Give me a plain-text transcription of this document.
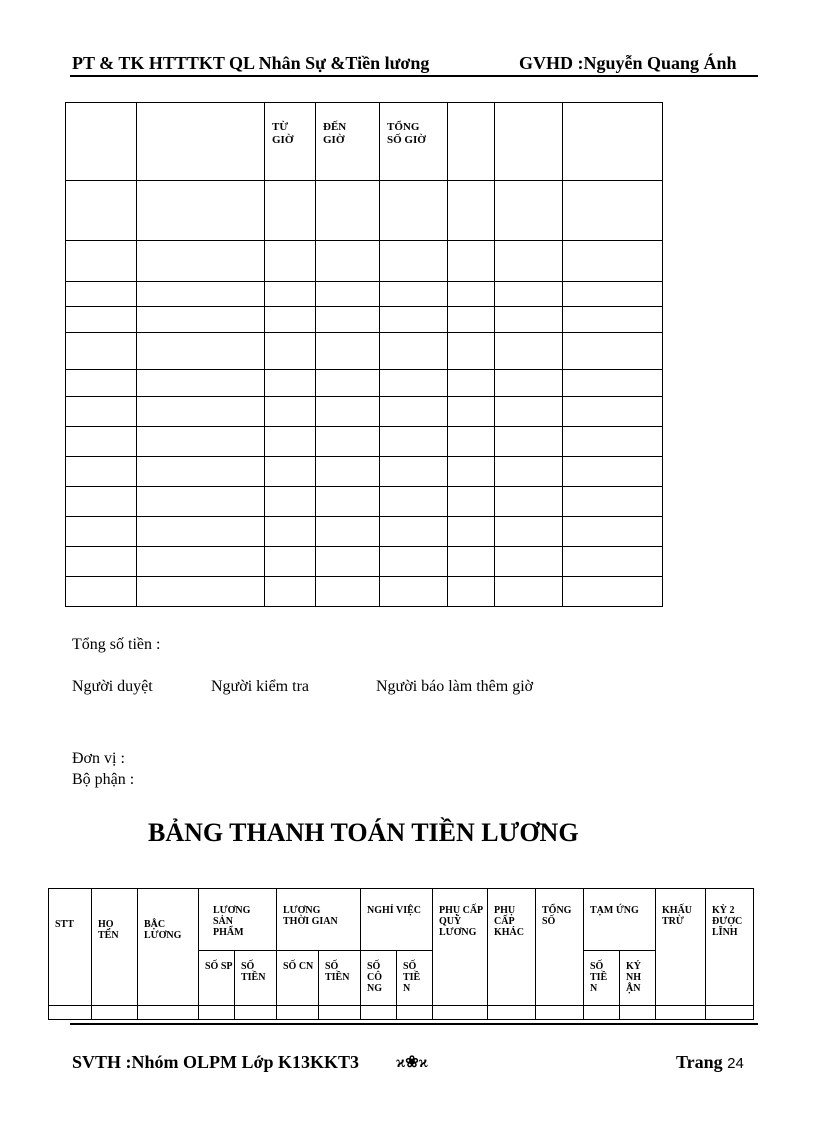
PT & TK HTTTKT QL Nhân Sự &Tiền lương	GVHD :Nguyễn Quang Ánh

		TỪ GIỜ	ĐẾN GIỜ	TỔNG SỐ GIỜ			

Tổng số tiền :
Người duyệt	Người kiểm tra	Người báo làm thêm giờ
Đơn vị :
Bộ phận :
BẢNG THANH TOÁN TIỀN LƯƠNG
STT	HỌ TÊN	BẬC LƯƠNG	LƯƠNG SẢN PHẨM		LƯƠNG THỜI GIAN		NGHỈ VIỆC		PHỤ CẤP QUỸ LƯƠNG	PHỤ CẤP KHÁC	TỔNG SỐ	TẠM ỨNG		KHẤU TRỪ	KỲ 2 ĐƯỢC LĨNH

			SỐ SP	SỐ TIỀN	SỐ CN	SỐ TIỀN	SỐ CÔ NG	SỐ TIỀ N				SỐ TIỀ N	KÝ NH ẬN		

SVTH :Nhóm OLPM Lớp K13KKT3 ϰ❀ϰ	Trang 24
